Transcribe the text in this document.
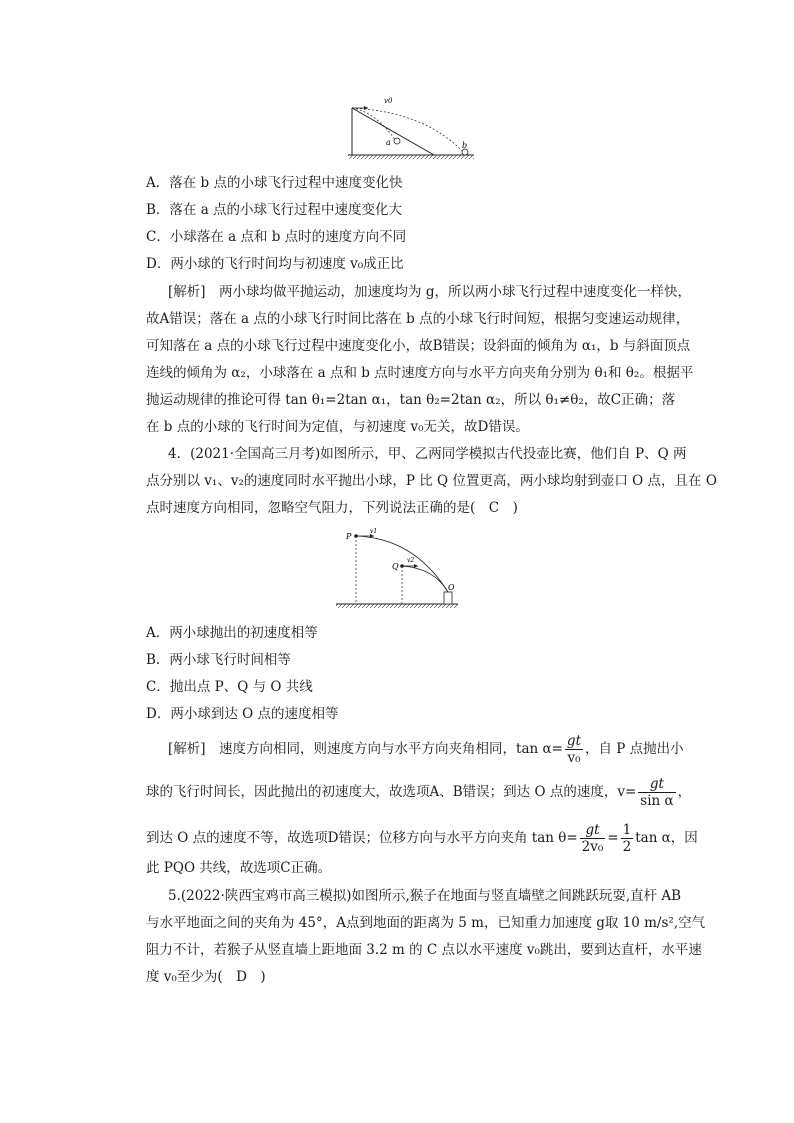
v0
a	b
A．落在 b 点的小球飞行过程中速度变化快
B．落在 a 点的小球飞行过程中速度变化大
C．小球落在 a 点和 b 点时的速度方向不同
D．两小球的飞行时间均与初速度 v₀成正比
[解析]　两小球均做平抛运动，加速度均为 g，所以两小球飞行过程中速度变化一样快，
故A错误；落在 a 点的小球飞行时间比落在 b 点的小球飞行时间短，根据匀变速运动规律，
可知落在 a 点的小球飞行过程中速度变化小，故B错误；设斜面的倾角为 α₁，b 与斜面顶点
连线的倾角为 α₂，小球落在 a 点和 b 点时速度方向与水平方向夹角分别为 θ₁和 θ₂。根据平
抛运动规律的推论可得 tan θ₁=2tan α₁，tan θ₂=2tan α₂，所以 θ₁≠θ₂，故C正确；落
在 b 点的小球的飞行时间为定值，与初速度 v₀无关，故D错误。
4．(2021·全国高三月考)如图所示，甲、乙两同学模拟古代投壶比赛，他们自 P、Q 两
点分别以 v₁、v₂的速度同时水平抛出小球，P 比 Q 位置更高，两小球均射到壶口 O 点，且在 O
点时速度方向相同，忽略空气阻力，下列说法正确的是(　C　)
P
Q
O
v1
v2
A．两小球抛出的初速度相等
B．两小球飞行时间相等
C．抛出点 P、Q 与 O 共线
D．两小球到达 O 点的速度相等
[解析]　速度方向相同，则速度方向与水平方向夹角相同，$\tan \alpha= \frac{gt}{\text{v₀}}$ ，自 P 点抛出小
球的飞行时间长，因此抛出的初速度大，故选项A、B错误；到达 O 点的速度，$v= \frac{gt}{\text{sin α}}$ ，
到达 O 点的速度不等，故选项D错误；位移方向与水平方向夹角 $\tan \theta= \frac{gt}{\text{2v₀}} = \frac{1}{2}$ tan α，因
此 PQO 共线，故选项C正确。
5.(2022·陕西宝鸡市高三模拟)如图所示,猴子在地面与竖直墙壁之间跳跃玩耍,直杆 AB
与水平地面之间的夹角为 45°，A点到地面的距离为 5 m，已知重力加速度 g取 10 m/s²,空气
阻力不计，若猴子从竖直墙上距地面 3.2 m 的 C 点以水平速度 v₀跳出，要到达直杆，水平速
度 v₀至少为(　D　)
